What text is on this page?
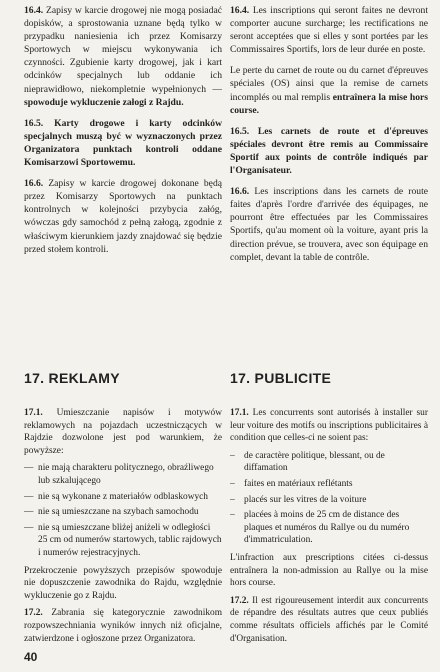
16.4. Zapisy w karcie drogowej nie mogą posiadać dopisków, a sprostowania uznane będą tylko w przypadku naniesienia ich przez Komisarzy Sportowych w miejscu wykonywania ich czynności. Zgubienie karty drogowej, jak i kart odcinków specjalnych lub oddanie ich nieprawidłowo, niekompletnie wypełnionych — spowoduje wykluczenie załogi z Rajdu.

16.5. Karty drogowe i karty odcinków specjalnych muszą być w wyznaczonych przez Organizatora punktach kontroli oddane Komisarzowi Sportowemu.

16.6. Zapisy w karcie drogowej dokonane będą przez Komisarzy Sportowych na punktach kontrolnych w kolejności przybycia załóg, wówczas gdy samochód z pełną załogą, zgodnie z właściwym kierunkiem jazdy znajdować się będzie przed stołem kontroli.

16.4. Les inscriptions qui seront faites ne devront comporter aucune surcharge; les rectifications ne seront acceptées que si elles y sont portées par les Commissaires Sportifs, lors de leur durée en poste.

Le perte du carnet de route ou du carnet d'épreuves spéciales (OS) ainsi que la remise de carnets incomplés ou mal remplis entraînera la mise hors course.

16.5. Les carnets de route et d'épreuves spéciales devront être remis au Commissaire Sportif aux points de contrôle indiqués par l'Organisateur.

16.6. Les inscriptions dans les carnets de route faites d'après l'ordre d'arrivée des équipages, ne pourront être effectuées par les Commissaires Sportifs, qu'au moment où la voiture, ayant pris la direction prévue, se trouvera, avec son équipage en complet, devant la table de contrôle.

17. REKLAMY	17. PUBLICITE

17.1. Umieszczanie napisów i motywów reklamowych na pojazdach uczestniczących w Rajdzie dozwolone jest pod warunkiem, że powyższe:

— nie mają charakteru politycznego, obraźliwego lub szkalującego
— nie są wykonane z materiałów odblaskowych
— nie są umieszczane na szybach samochodu
— nie są umieszczane bliżej aniżeli w odległości 25 cm od numerów startowych, tablic rajdowych i numerów rejestracyjnych.

Przekroczenie powyższych przepisów spowoduje nie dopuszczenie zawodnika do Rajdu, względnie wykluczenie go z Rajdu.

17.2. Zabrania się kategorycznie zawodnikom rozpowszechniania wyników innych niż oficjalne, zatwierdzone i ogłoszone przez Organizatora.

17.1. Les concurrents sont autorisés à installer sur leur voiture des motifs ou inscriptions publicitaires à condition que celles-ci ne soient pas:

– de caractère politique, blessant, ou de diffamation
– faites en matériaux reflétants
– placés sur les vitres de la voiture
– placées à moins de 25 cm de distance des plaques et numéros du Rallye ou du numéro d'immatriculation.

L'infraction aux prescriptions citées ci-dessus entraînera la non-admission au Rallye ou la mise hors course.

17.2. Il est rigoureusement interdit aux concurrents de répandre des résultats autres que ceux publiés comme résultats officiels affichés par le Comité d'Organisation.

40
